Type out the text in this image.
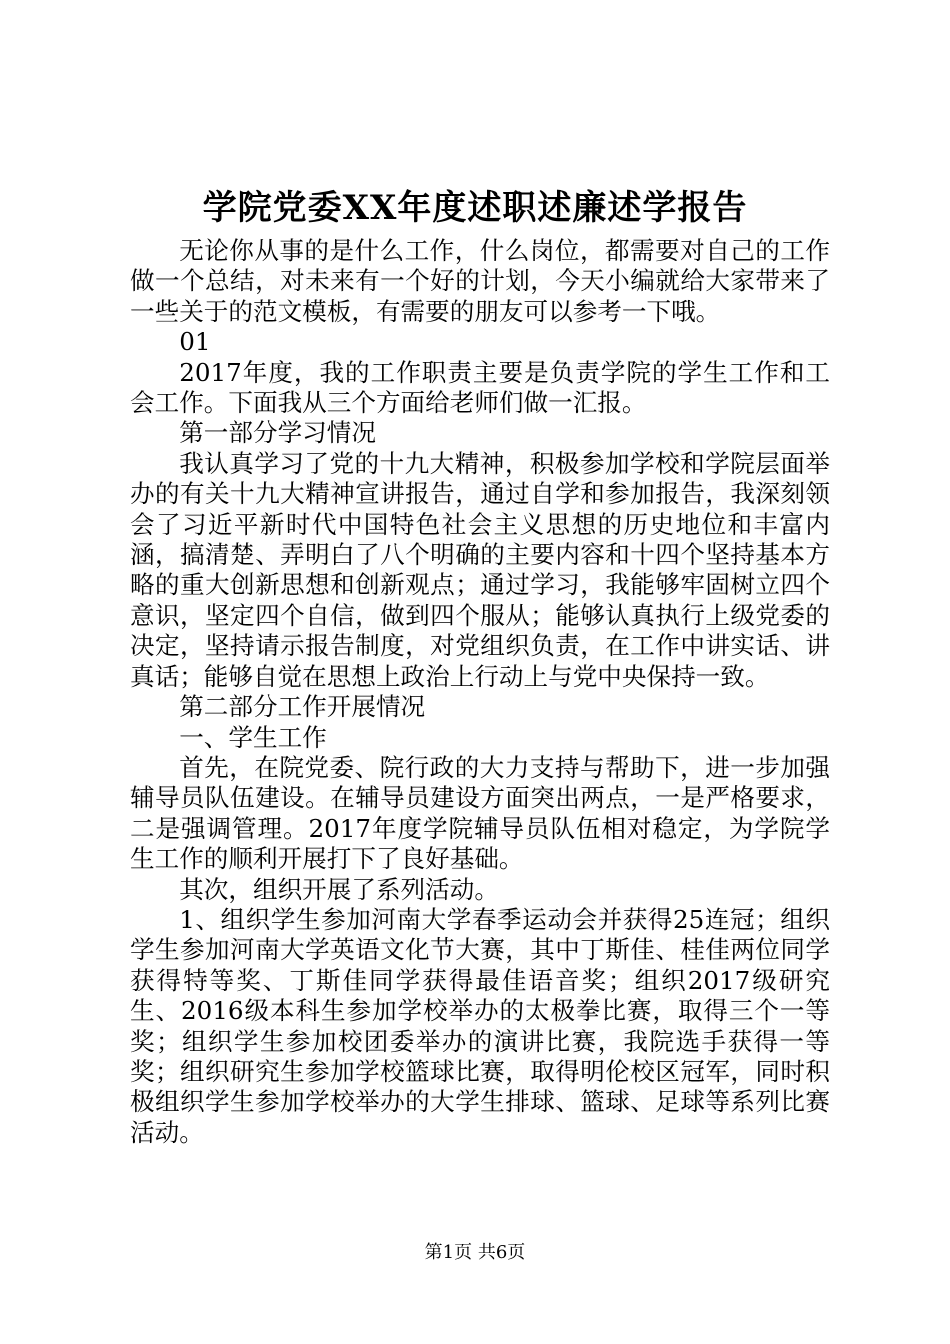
学院党委XX年度述职述廉述学报告

无论你从事的是什么工作，什么岗位，都需要对自己的工作做一个总结，对未来有一个好的计划，今天小编就给大家带来了一些关于的范文模板，有需要的朋友可以参考一下哦。

01

2017年度，我的工作职责主要是负责学院的学生工作和工会工作。下面我从三个方面给老师们做一汇报。

第一部分学习情况

我认真学习了党的十九大精神，积极参加学校和学院层面举办的有关十九大精神宣讲报告，通过自学和参加报告，我深刻领会了习近平新时代中国特色社会主义思想的历史地位和丰富内涵，搞清楚、弄明白了八个明确的主要内容和十四个坚持基本方略的重大创新思想和创新观点；通过学习，我能够牢固树立四个意识，坚定四个自信，做到四个服从；能够认真执行上级党委的决定，坚持请示报告制度，对党组织负责，在工作中讲实话、讲真话；能够自觉在思想上政治上行动上与党中央保持一致。

第二部分工作开展情况

一、学生工作

首先，在院党委、院行政的大力支持与帮助下，进一步加强辅导员队伍建设。在辅导员建设方面突出两点，一是严格要求，二是强调管理。2017年度学院辅导员队伍相对稳定，为学院学生工作的顺利开展打下了良好基础。

其次，组织开展了系列活动。

1、组织学生参加河南大学春季运动会并获得25连冠；组织学生参加河南大学英语文化节大赛，其中丁斯佳、桂佳两位同学获得特等奖、丁斯佳同学获得最佳语音奖；组织2017级研究生、2016级本科生参加学校举办的太极拳比赛，取得三个一等奖；组织学生参加校团委举办的演讲比赛，我院选手获得一等奖；组织研究生参加学校篮球比赛，取得明伦校区冠军，同时积极组织学生参加学校举办的大学生排球、篮球、足球等系列比赛活动。

第1页 共6页
